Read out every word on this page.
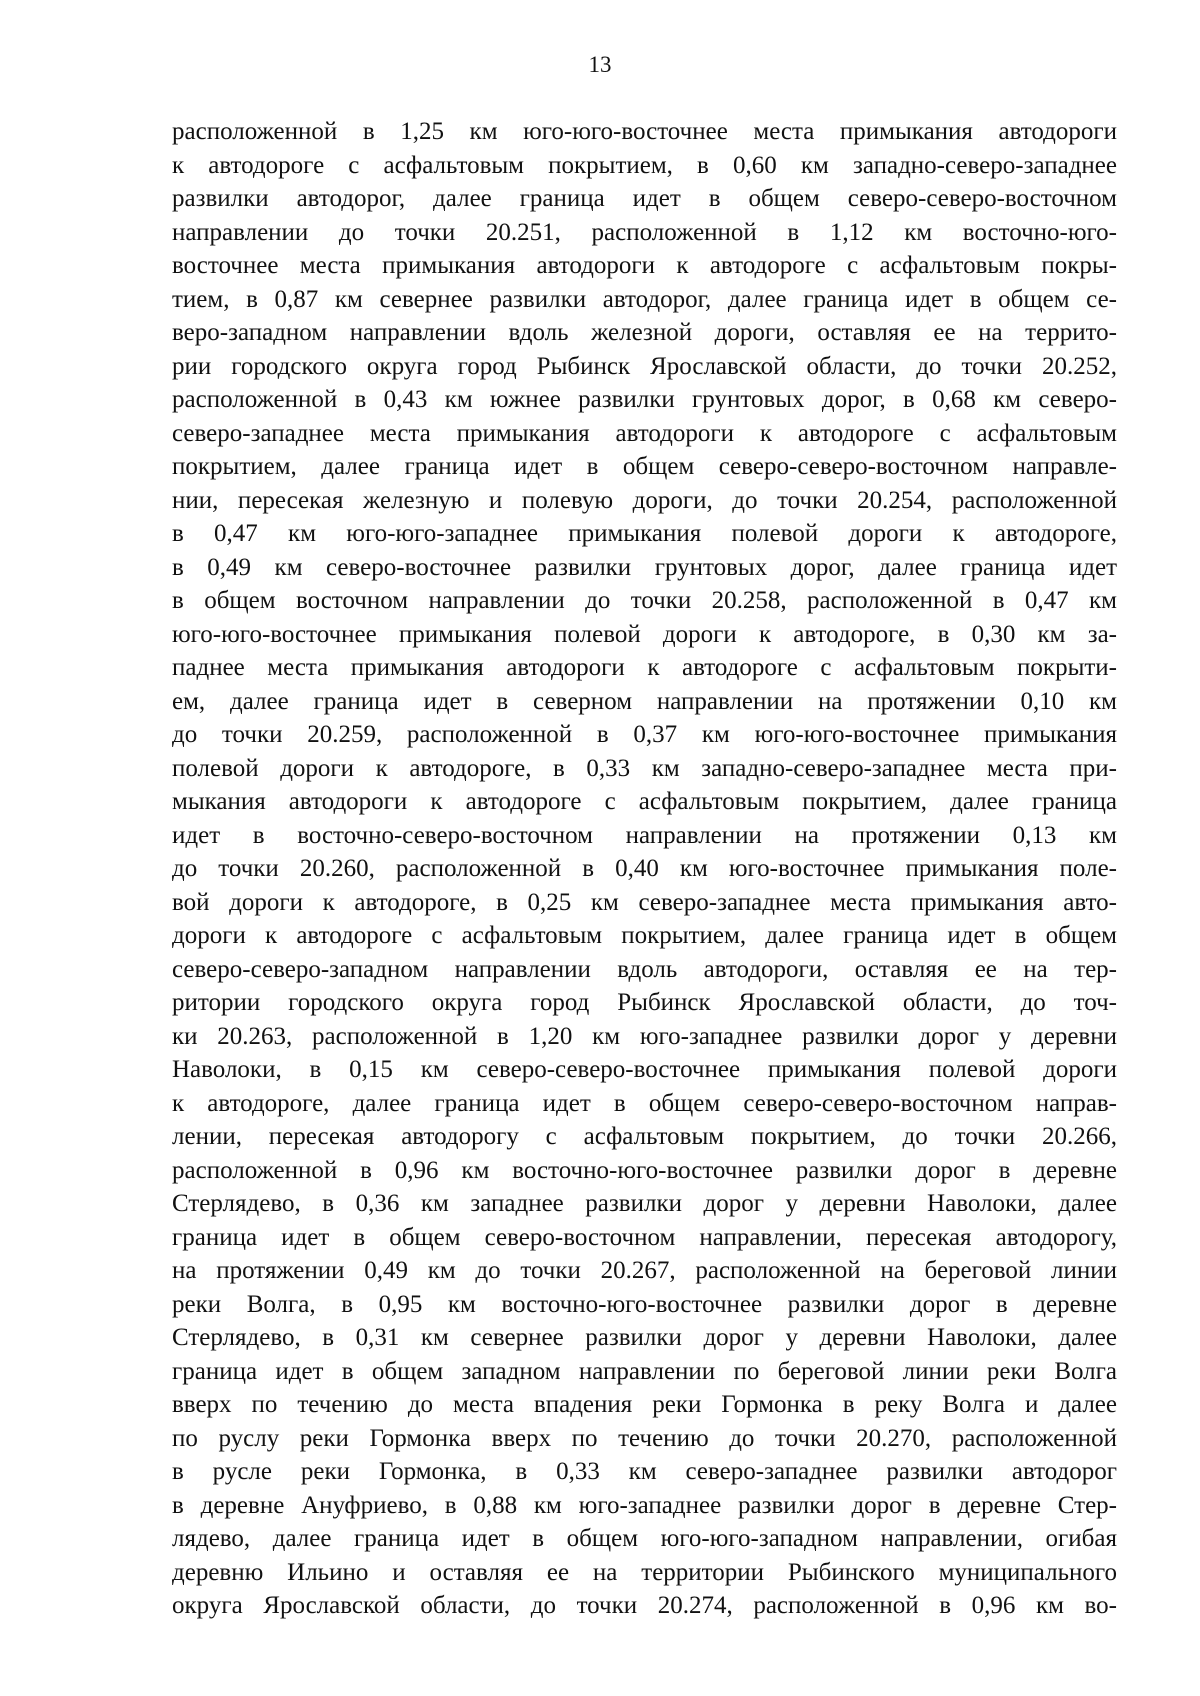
13
расположенной в 1,25 км юго-юго-восточнее места примыкания автодороги
к автодороге с асфальтовым покрытием, в 0,60 км западно-северо-западнее
развилки автодорог, далее граница идет в общем северо-северо-восточном
направлении до точки 20.251, расположенной в 1,12 км восточно-юго-
восточнее места примыкания автодороги к автодороге с асфальтовым покры-
тием, в 0,87 км севернее развилки автодорог, далее граница идет в общем се-
веро-западном направлении вдоль железной дороги, оставляя ее на террито-
рии городского округа город Рыбинск Ярославской области, до точки 20.252,
расположенной в 0,43 км южнее развилки грунтовых дорог, в 0,68 км северо-
северо-западнее места примыкания автодороги к автодороге с асфальтовым
покрытием, далее граница идет в общем северо-северо-восточном направле-
нии, пересекая железную и полевую дороги, до точки 20.254, расположенной
в 0,47 км юго-юго-западнее примыкания полевой дороги к автодороге,
в 0,49 км северо-восточнее развилки грунтовых дорог, далее граница идет
в общем восточном направлении до точки 20.258, расположенной в 0,47 км
юго-юго-восточнее примыкания полевой дороги к автодороге, в 0,30 км за-
паднее места примыкания автодороги к автодороге с асфальтовым покрыти-
ем, далее граница идет в северном направлении на протяжении 0,10 км
до точки 20.259, расположенной в 0,37 км юго-юго-восточнее примыкания
полевой дороги к автодороге, в 0,33 км западно-северо-западнее места при-
мыкания автодороги к автодороге с асфальтовым покрытием, далее граница
идет в восточно-северо-восточном направлении на протяжении 0,13 км
до точки 20.260, расположенной в 0,40 км юго-восточнее примыкания поле-
вой дороги к автодороге, в 0,25 км северо-западнее места примыкания авто-
дороги к автодороге с асфальтовым покрытием, далее граница идет в общем
северо-северо-западном направлении вдоль автодороги, оставляя ее на тер-
ритории городского округа город Рыбинск Ярославской области, до точ-
ки 20.263, расположенной в 1,20 км юго-западнее развилки дорог у деревни
Наволоки, в 0,15 км северо-северо-восточнее примыкания полевой дороги
к автодороге, далее граница идет в общем северо-северо-восточном направ-
лении, пересекая автодорогу с асфальтовым покрытием, до точки 20.266,
расположенной в 0,96 км восточно-юго-восточнее развилки дорог в деревне
Стерлядево, в 0,36 км западнее развилки дорог у деревни Наволоки, далее
граница идет в общем северо-восточном направлении, пересекая автодорогу,
на протяжении 0,49 км до точки 20.267, расположенной на береговой линии
реки Волга, в 0,95 км восточно-юго-восточнее развилки дорог в деревне
Стерлядево, в 0,31 км севернее развилки дорог у деревни Наволоки, далее
граница идет в общем западном направлении по береговой линии реки Волга
вверх по течению до места впадения реки Гормонка в реку Волга и далее
по руслу реки Гормонка вверх по течению до точки 20.270, расположенной
в русле реки Гормонка, в 0,33 км северо-западнее развилки автодорог
в деревне Ануфриево, в 0,88 км юго-западнее развилки дорог в деревне Стер-
лядево, далее граница идет в общем юго-юго-западном направлении, огибая
деревню Ильино и оставляя ее на территории Рыбинского муниципального
округа Ярославской области, до точки 20.274, расположенной в 0,96 км во-
